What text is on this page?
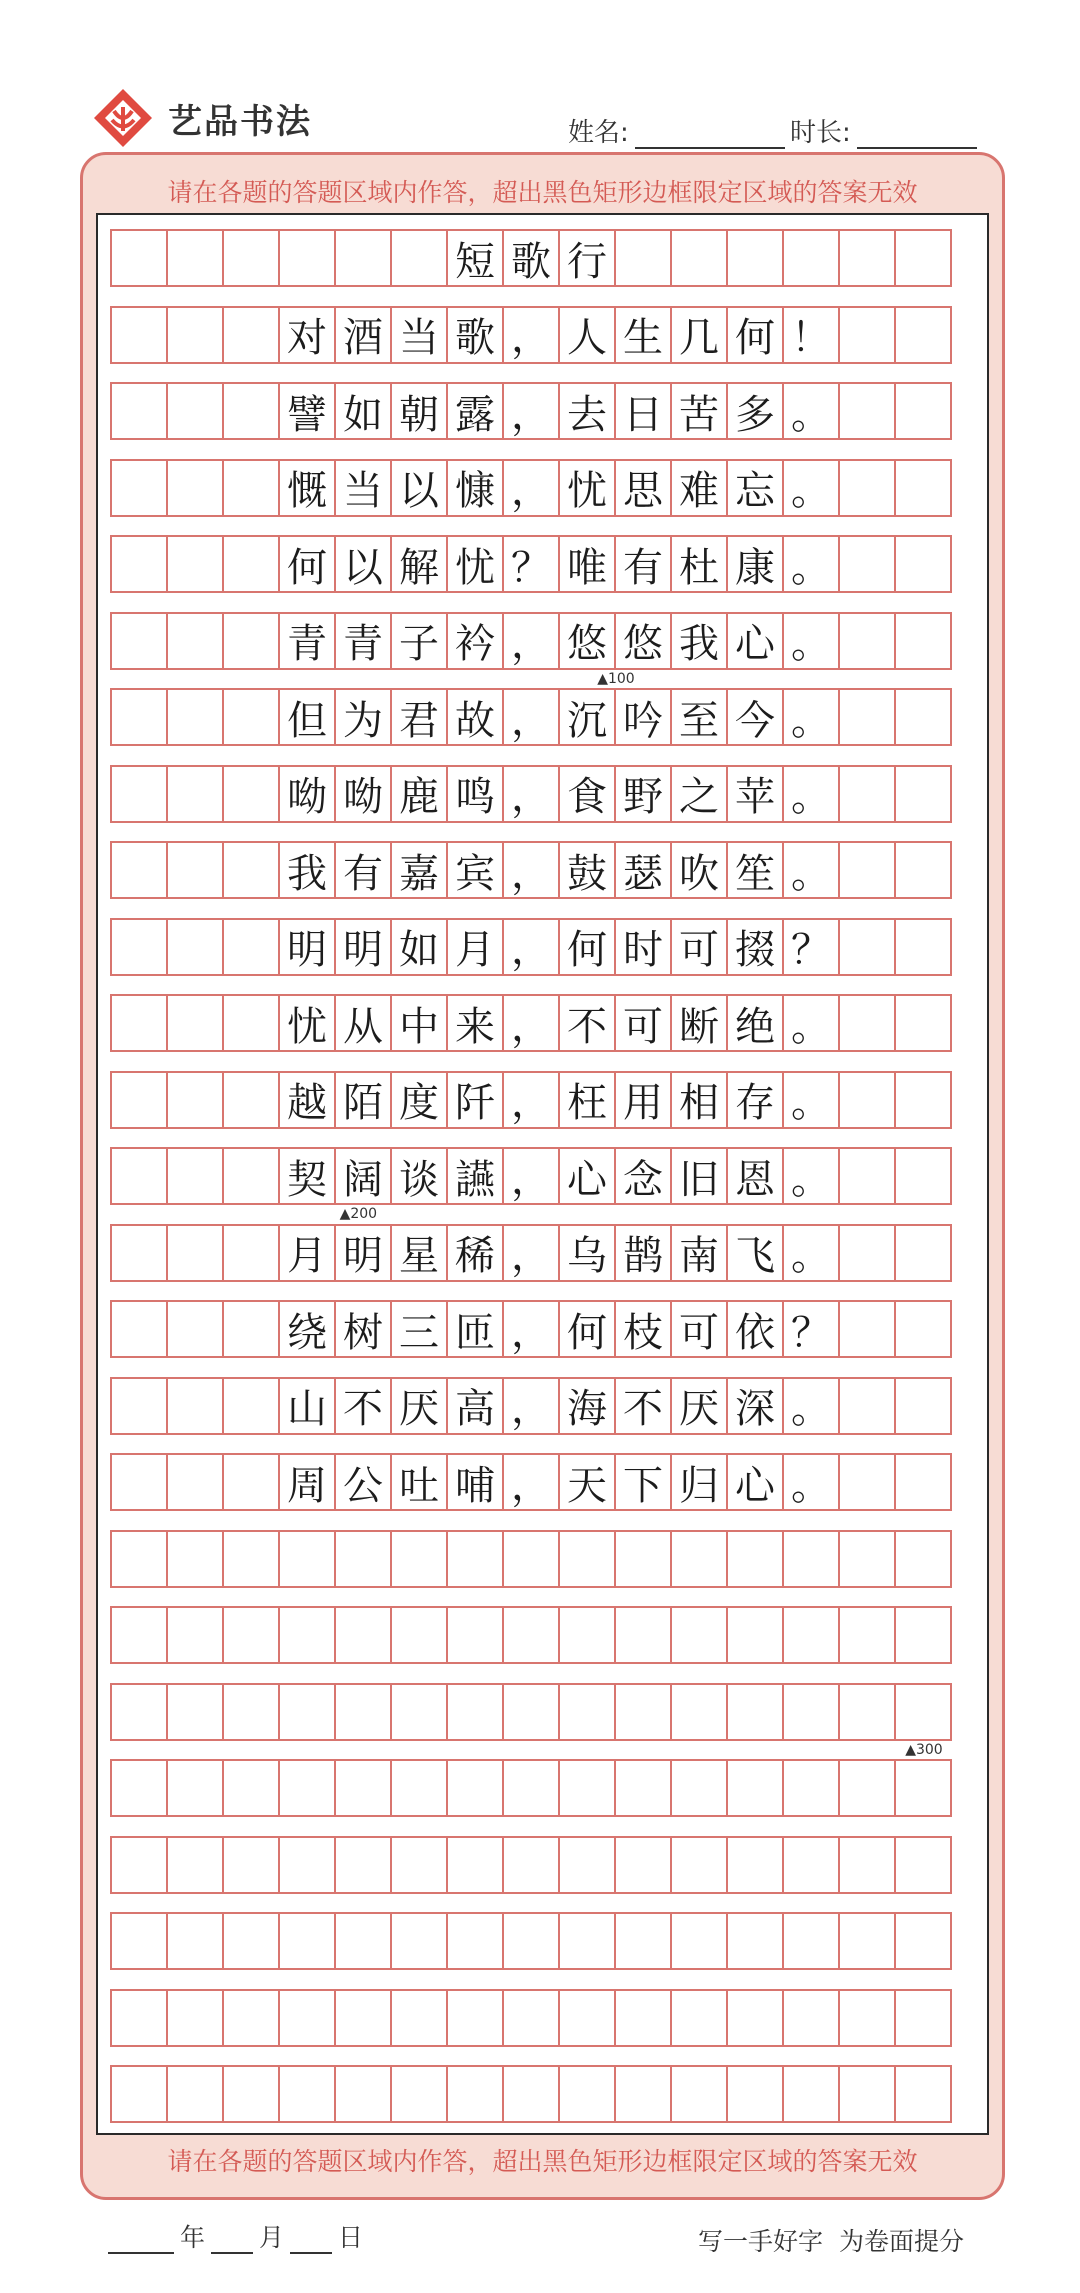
艺品书法	姓名:	时长:
请在各题的答题区域内作答，超出黑色矩形边框限定区域的答案无效
短 歌 行
对 酒 当 歌 ， 人 生 几 何 ！
譬 如 朝 露 ， 去 日 苦 多 。
慨 当 以 慷 ， 忧 思 难 忘 。
何 以 解 忧 ？ 唯 有 杜 康 。
青 青 子 衿 ， 悠 悠 我 心 。
但 为 君 故 ， 沉 吟 至 今 。
呦 呦 鹿 鸣 ， 食 野 之 苹 。
我 有 嘉 宾 ， 鼓 瑟 吹 笙 。
明 明 如 月 ， 何 时 可 掇 ？
忧 从 中 来 ， 不 可 断 绝 。
越 陌 度 阡 ， 枉 用 相 存 。
契 阔 谈 讌 ， 心 念 旧 恩 。
月 明 星 稀 ， 乌 鹊 南 飞 。
绕 树 三 匝 ， 何 枝 可 依 ？
山 不 厌 高 ， 海 不 厌 深 。
周 公 吐 哺 ， 天 下 归 心 。
▲100
▲200
▲300
请在各题的答题区域内作答，超出黑色矩形边框限定区域的答案无效
年 月 日	写一手好字 为卷面提分
